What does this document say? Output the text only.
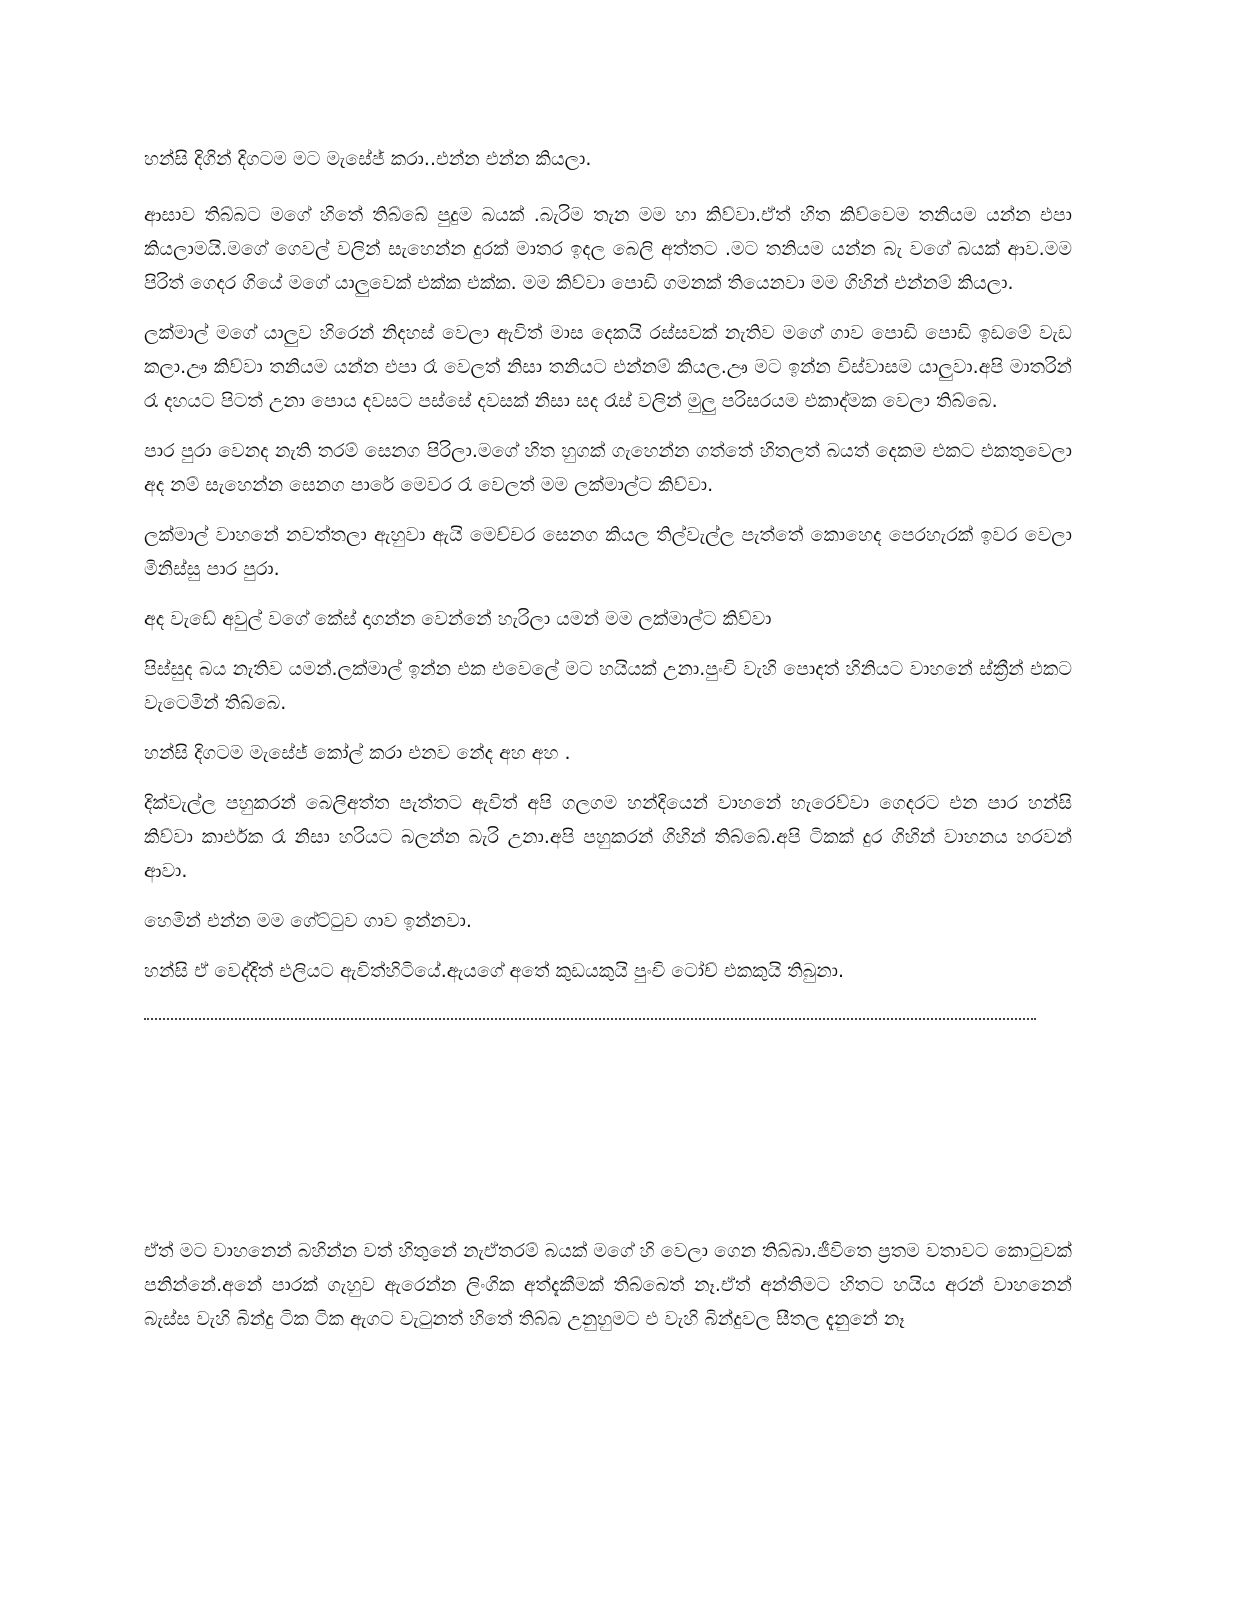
හන්සි දිගින් දිගටම මට මැසේජ් කරා..එන්න එන්න කියලා.

ආසාව තිබ්බට මගේ හිතේ තිබ්බේ පුදුම බයක් .බැරිම තැන මම හා කිව්වා.ඒත් හිත කිව්වෙම තනියම යන්න එපා කියලාමයි.මගේ ගෙවල් වලින් සැහෙන්න දුරක් මාතර ඉදල බෙලි අත්තට .මට තනියම යන්න බැ වගේ බයක් ආව.මම පිරිත් ගෙදර ගියේ මගේ යාලුවෙක් එක්ක එක්ක. මම කිව්වා පොඩි ගමනක් තියෙනවා මම ගිහින් එන්නම් කියලා.

ලක්මාල් මගේ යාලුව හිරෙන් නිදහස් වෙලා ඇවිත් මාස දෙකයි රස්සවක් නැතිව මගේ ගාව පොඩි පොඩි ඉඩමේ වැඩ කලා.ඌ කිව්වා තනියම යන්න එපා රෑ වෙලත් නිසා තනියට එන්නම් කියල.ඌ මට ඉන්න විස්වාසම යාලුවා.අපි මාතරින් රෑ දහයට පිටත් උනා පොය දවසට පස්සේ දවසක් නිසා සද රෑස් වලින් මුලු පරිසරයම එකාද්මක වෙලා තිබ්බෙ.

පාර පුරා වෙනද නැති තරම් සෙනග පිරිලා.මගේ හිත හුගක් ගැහෙන්න ගත්තේ හිතලත් බයත් දෙකම එකට එකතුවෙලා අද නම් සැහෙන්න සෙනග පාරේ මෙවර රෑ වෙලත් මම ලක්මාල්ට කිව්වා.

ලක්මාල් වාහනේ නවත්තලා ඇහුවා ඇයි මෙච්චර සෙනග කියල තිල්වැල්ල පැත්තේ කොහෙද පෙරහැරක් ඉවර වෙලා මිනිස්සු පාර පුරා.

අද වැඩේ අවුල් වගේ කේස් දාගන්න වෙන්නේ හැරිලා යමන් මම ලක්මාල්ට කිව්වා

පිස්සුද බය නැතිව යමන්.ලක්මාල් ඉන්න එක එවෙලේ මට හයියක් උනා.පුංචි වැහි පොදත් හිනියට වාහනේ ස්ක්‍රීන් එකට වැටෙමින් තිබ්බෙ.

හන්සි දිගටම මැසේජ් කෝල් කරා එනව නේද අහ අහ .

දික්වැල්ල පහුකරන් බෙලිඅත්ත පැත්තට ඇවිත් අපි ගලගම හන්දියෙන් වාහනේ හැරෙව්වා ගෙදරට එන පාර හන්සි කිව්වා කාර්එක රෑ නිසා හරියට බලන්න බැරි උනා.අපි පහුකරන් ගිහින් තිබ්බේ.අපි ටිකක් දුර ගිහින් වාහනය හරවන් ආවා.

හෙමින් එන්න මම ගේට්ටුව ගාව ඉන්නවා.

හන්සි ඒ වෙද්දිත් එලියට ඇවිත්හිටියේ.ඇයගේ අතේ කුඩයකුයි පුංචි ටෝච් එකකුයි තිබුනා.

ඒත් මට වාහනෙන් බහින්න වත් හිතුනේ නැඒතරම් බයක් මගේ හි වෙලා ගෙන තිබ්බා.ජීවිතෙ ප්‍රතම වතාවට කොටුවක් පනින්නේ.අනේ පාරක් ගැහුව ඇරෙන්න ලිංගික අත්දැකීමක් තිබ්බෙත් නෑ.ඒත් අන්තිමට හිතට හයිය අරන් වාහනෙන් බැස්ස වැහි බින්දු ටික ටික ඇගට වැටුනත් හිතේ තිබ්බ උනුහුමට එ වැහි බින්දුවල සීතල දැනුනේ නෑ
